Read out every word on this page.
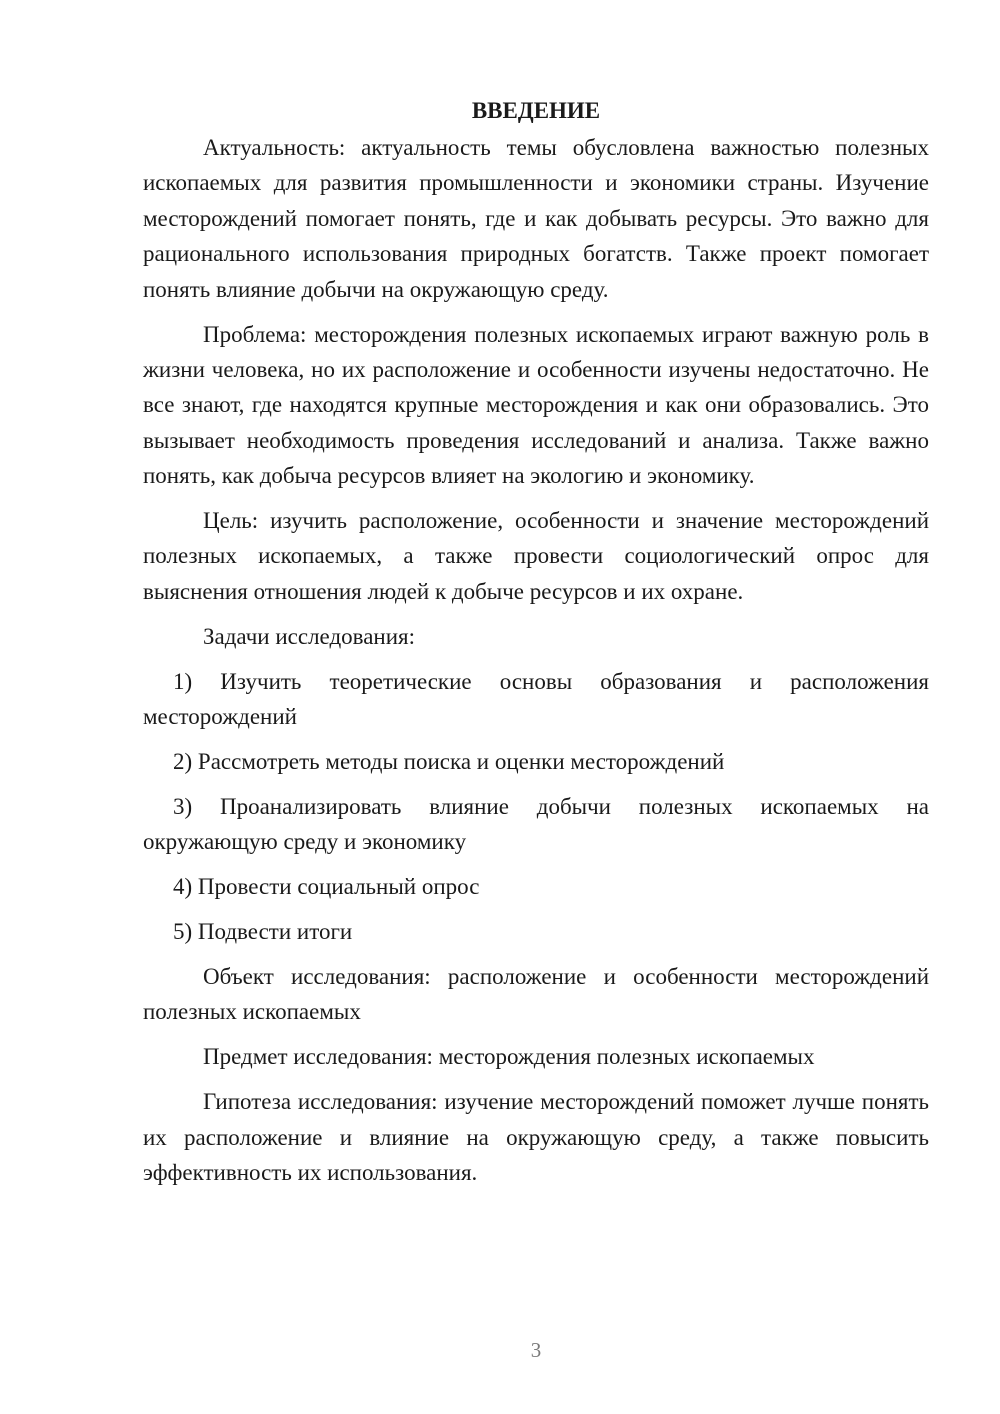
ВВЕДЕНИЕ

Актуальность: актуальность темы обусловлена важностью полезных ископаемых для развития промышленности и экономики страны. Изучение месторождений помогает понять, где и как добывать ресурсы. Это важно для рационального использования природных богатств. Также проект помогает понять влияние добычи на окружающую среду.

Проблема: месторождения полезных ископаемых играют важную роль в жизни человека, но их расположение и особенности изучены недостаточно. Не все знают, где находятся крупные месторождения и как они образовались. Это вызывает необходимость проведения исследований и анализа. Также важно понять, как добыча ресурсов влияет на экологию и экономику.

Цель: изучить расположение, особенности и значение месторождений полезных ископаемых, а также провести социологический опрос для выяснения отношения людей к добыче ресурсов и их охране.

Задачи исследования:

1) Изучить теоретические основы образования и расположения месторождений

2) Рассмотреть методы поиска и оценки месторождений

3) Проанализировать влияние добычи полезных ископаемых на окружающую среду и экономику

4) Провести социальный опрос

5) Подвести итоги

Объект исследования: расположение и особенности месторождений полезных ископаемых

Предмет исследования: месторождения полезных ископаемых

Гипотеза исследования: изучение месторождений поможет лучше понять их расположение и влияние на окружающую среду, а также повысить эффективность их использования.

3
